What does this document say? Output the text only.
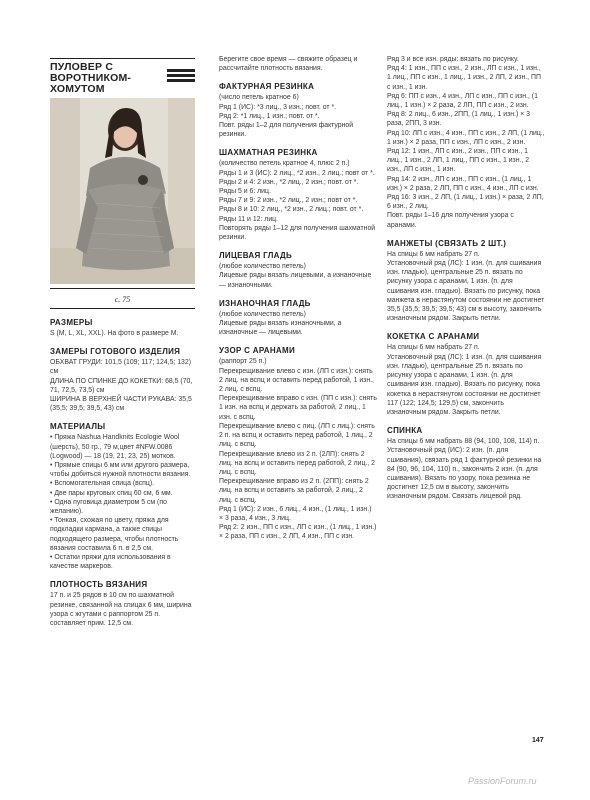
ПУЛОВЕР С ВОРОТНИКОМ-ХОМУТОМ
с. 75
РАЗМЕРЫ

S (M, L, XL, XXL). На фото в размере M.

ЗАМЕРЫ ГОТОВОГО ИЗДЕЛИЯ

ОБХВАТ ГРУДИ: 101,5 (109; 117; 124,5; 132) см

ДЛИНА ПО СПИНКЕ ДО КОКЕТКИ: 68,5 (70, 71, 72,5, 73,5) см

ШИРИНА В ВЕРХНЕЙ ЧАСТИ РУКАВА: 35,5 (35,5; 39,5; 39,5, 43) см

МАТЕРИАЛЫ

• Пряжа Nashua Handknits Ecologie Wool (шерсть), 50 гр., 79 м,цвет #NFW.0086 (Logwood) — 18 (19, 21, 23, 25) мотков.

• Прямые спицы 6 мм или другого размера, чтобы добиться нужной плотности вязания.

• Вспомогательная спица (вспц).

• Две пары круговых спиц 60 см, 6 мм.

• Одна пуговица диаметром 5 см (по желанию).

• Тонкая, схожая по цвету, пряжа для подкладки кармана, а также спицы подходящего размера, чтобы плотность вязания составила 6 п. в 2,5 см.

• Остатки пряжи для использования в качестве маркеров.

ПЛОТНОСТЬ ВЯЗАНИЯ

17 п. и 25 рядов в 10 см по шахматной резинке, связанной на спицах 6 мм, ширина узора с жгутами с раппортом 25 п. составляет прим. 12,5 см.

Берегите свое время — свяжите образец и рассчитайте плотность вязания.

ФАКТУРНАЯ РЕЗИНКА

(число петель кратное 6)

Ряд 1 (ИС): *3 лиц., 3 изн.; повт. от *.

Ряд 2: *1 лиц., 1 изн.; повт. от *.

Повт. ряды 1–2 для получения фактурной резинки.

ШАХМАТНАЯ РЕЗИНКА

(количество петель кратное 4, плюс 2 п.)

Ряды 1 и 3 (ИС): 2 лиц., *2 изн., 2 лиц.; повт от *.

Ряды 2 и 4: 2 изн., *2 лиц., 2 изн.; повт. от *.

Ряды 5 и 6: лиц.

Ряды 7 и 9: 2 изн., *2 лиц., 2 изн.; повт от *.

Ряды 8 и 10: 2 лиц., *2 изн., 2 лиц.; повт. от *.

Ряды 11 и 12: лиц.

Повторять ряды 1–12 для получения шахматной резинки.

ЛИЦЕВАЯ ГЛАДЬ

(любое количество петель)

Лицевые ряды вязать лицевыми, а изнаночные — изнаночными.

ИЗНАНОЧНАЯ ГЛАДЬ

(любое количество петель)

Лицевые ряды вязать изнаночными, а изнаночные — лицевыми.

УЗОР С АРАНАМИ

(раппорт 25 п.)

Перекрещивание влево с изн. (ЛП с изн.): снять 2 лиц. на вспц и оставить перед работой, 1 изн., 2 лиц. с вспц.

Перекрещивание вправо с изн. (ПП с изн.): снять 1 изн. на вспц и держать за работой, 2 лиц., 1 изн. с вспц.

Перекрещивание влево с лиц. (ЛП с лиц.): снять 2 п. на вспц и оставить перед работой, 1 лиц., 2 лиц. с вспц.

Перекрещивание влево из 2 п. (2ЛП): снять 2 лиц. на вспц и оставить перед работой, 2 лиц., 2 лиц. с вспц.

Перекрещивание вправо из 2 п. (2ПП): снять 2 лиц. на вспц и оставить за работой, 2 лиц., 2 лиц. с вспц.

Ряд 1 (ИС): 2 изн., 6 лиц., 4 изн., (1 лиц., 1 изн.) × 3 раза, 4 изн., 3 лиц.

Ряд 2: 2 изн., ПП с изн., ЛП с изн., (1 лиц., 1 изн.) × 2 раза, ПП с изн., 2 ЛП, 4 изн., ПП с изн.

Ряд 3 и все изн. ряды: вязать по рисунку.

Ряд 4: 1 изн., ПП с изн., 2 изн., ЛП с изн., 1 изн., 1 лиц., ПП с изн., 1 лиц., 1 изн., 2 ЛП, 2 изн., ПП с изн., 1 изн.

Ряд 6: ПП с изн., 4 изн., ЛП с изн., ПП с изн., (1 лиц., 1 изн.) × 2 раза, 2 ЛП, ПП с изн., 2 изн.

Ряд 8: 2 лиц., 6 изн., 2ПП, (1 лиц., 1 изн.) × 3 раза, 2ПП, 3 изн.

Ряд 10: ЛП с изн., 4 изн., ПП с изн., 2 ЛП, (1 лиц., 1 изн.) × 2 раза, ПП с изн., ЛП с изн., 2 изн.

Ряд 12: 1 изн., ЛП с изн., 2 изн., ПП с изн., 1 лиц., 1 изн., 2 ЛП, 1 лиц., ПП с изн., 1 изн., 2 изн., ЛП с изн., 1 изн.

Ряд 14: 2 изн., ЛП с изн., ПП с изн., (1 лиц., 1 изн.) × 2 раза, 2 ЛП, ПП с изн., 4 изн., ЛП с изн.

Ряд 16: 3 изн., 2 ЛП, (1 лиц., 1 изн.) × раза, 2 ЛП,

6 изн., 2 лиц.

Повт. ряды 1–16 для получения узора с аранами.

МАНЖЕТЫ (СВЯЗАТЬ 2 ШТ.)

На спицы 6 мм набрать 27 п.

Установочный ряд (ЛС): 1 изн. (п. для сшивания изн. гладью), центральные 25 п. вязать по рисунку узора с аранами, 1 изн. (п. для сшивания изн. гладью). Вязать по рисунку, пока манжета в нерастянутом состоянии не достигнет 35,5 (35,5; 39,5; 39,5; 43) см в высоту, закончить изнаночным рядом. Закрыть петли.

КОКЕТКА С АРАНАМИ

На спицы 6 мм набрать 27 п.

Установочный ряд (ЛС): 1 изн. (п. для сшивания изн. гладью), центральные 25 п. вязать по рисунку узора с аранами, 1 изн. (п. для сшивания изн. гладью). Вязать по рисунку, пока кокетка в нерастянутом состоянии не достигнет 117 (122; 124,5; 129,5) см, закончить изнаночным рядом. Закрыть петли.

СПИНКА

На спицы 6 мм набрать 88 (94, 100, 108, 114) п.

Установочный ряд (ИС): 2 изн. (п. для сшивания), связать ряд 1 фактурной резинки на 84 (90, 96, 104, 110) п., закончить 2 изн. (п. для сшивания). Вязать по узору, пока резинка не достигнет 12,5 см в высоту, закончить изнаночным рядом. Связать лицевой ряд.

147
PassionForum.ru
